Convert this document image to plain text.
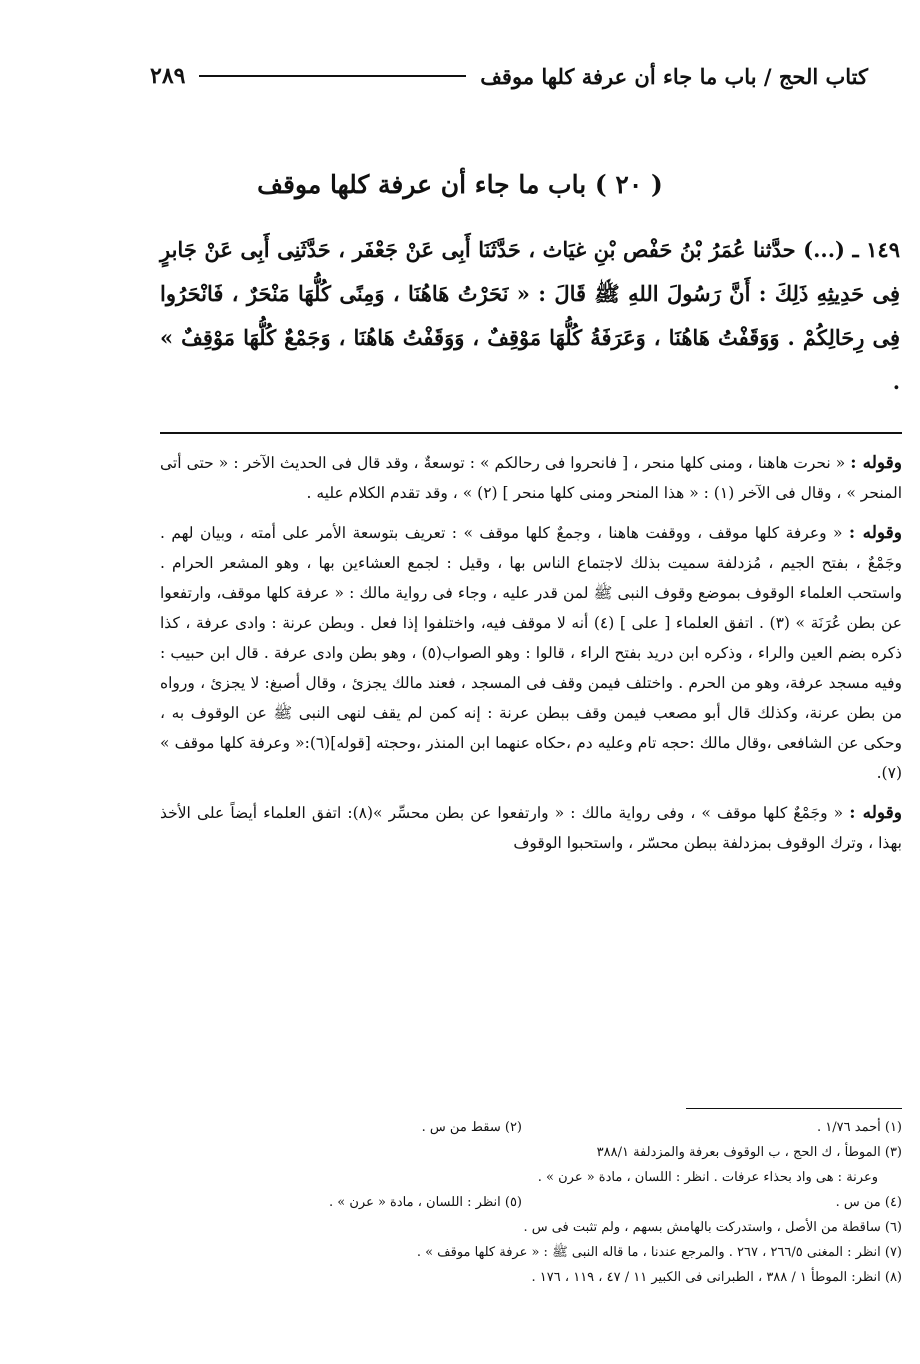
كتاب الحج / باب ما جاء أن عرفة كلها موقف
٢٨٩
( ٢٠ ) باب ما جاء أن عرفة كلها موقف
١٤٩ ـ (...) حدَّثنا عُمَرُ بْنُ حَفْص بْنِ غيَاث ، حَدَّثَنَا أَبِى عَنْ جَعْفَر ، حَدَّثَنِى أَبِى عَنْ جَابرٍ فِى حَدِيثِهِ ذَلِكَ : أَنَّ رَسُولَ اللهِ ﷺ قَالَ : « نَحَرْتُ هَاهُنَا ، وَمِنًى كُلُّهَا مَنْحَرٌ ، فَانْحَرُوا فِى رِحَالِكُمْ . وَوَقَفْتُ هَاهُنَا ، وَعَرَفَةُ كُلُّهَا مَوْقِفٌ ، وَوَقَفْتُ هَاهُنَا ، وَجَمْعٌ كُلُّهَا مَوْقِفٌ » .

وقوله : « نحرت هاهنا ، ومنى كلها منحر ، [ فانحروا فى رحالكم » : توسعةٌ ، وقد قال فى الحديث الآخر : « حتى أتى المنحر » ، وقال فى الآخر (١) : « هذا المنحر ومنى كلها منحر ] (٢) » ، وقد تقدم الكلام عليه .

وقوله : « وعرفة كلها موقف ، ووقفت هاهنا ، وجمعٌ كلها موقف » : تعريف بتوسعة الأمر على أمته ، وبيان لهم . وجَمْعٌ ، بفتح الجيم ، مُزدلفة سميت بذلك لاجتماع الناس بها ، وقيل : لجمع العشاءين بها ، وهو المشعر الحرام . واستحب العلماء الوقوف بموضع وقوف النبى ﷺ لمن قدر عليه ، وجاء فى رواية مالك : « عرفة كلها موقف، وارتفعوا عن بطن عُرَنَة » (٣) . اتفق العلماء [ على ] (٤) أنه لا موقف فيه، واختلفوا إذا فعل . وبطن عرنة : وادى عرفة ، كذا ذكره بضم العين والراء ، وذكره ابن دريد بفتح الراء ، قالوا : وهو الصواب(٥) ، وهو بطن وادى عرفة . قال ابن حبيب : وفيه مسجد عرفة، وهو من الحرم . واختلف فيمن وقف فى المسجد ، فعند مالك يجزئ ، وقال أصبغ: لا يجزئ ، ورواه من بطن عرنة، وكذلك قال أبو مصعب فيمن وقف ببطن عرنة : إنه كمن لم يقف لنهى النبى ﷺ عن الوقوف به ، وحكى عن الشافعى ،وقال مالك :حجه تام وعليه دم ،حكاه عنهما ابن المنذر ،وحجته [قوله](٦):« وعرفة كلها موقف » (٧).

وقوله : « وجَمْعٌ كلها موقف » ، وفى رواية مالك : « وارتفعوا عن بطن محسِّر »(٨): اتفق العلماء أيضاً على الأخذ بهذا ، وترك الوقوف بمزدلفة ببطن محسّر ، واستحبوا الوقوف

(١) أحمد ١/٧٦ .
(٢) سقط من س .
(٣) الموطأ ، ك الحج ، ب الوقوف بعرفة والمزدلفة ٣٨٨/١
وعرنة : هى واد بحذاء عرفات . انظر : اللسان ، مادة « عرن » .
(٤) من س .
(٥) انظر : اللسان ، مادة « عرن » .
(٦) ساقطة من الأصل ، واستدركت بالهامش بسهم ، ولم تثبت فى س .
(٧) انظر : المغنى ٢٦٦/٥ ، ٢٦٧ . والمرجع عندنا ، ما قاله النبى ﷺ : « عرفة كلها موقف » .
(٨) انظر: الموطأ ١ / ٣٨٨ ، الطبرانى فى الكبير ١١ / ٤٧ ، ١١٩ ، ١٧٦ .
